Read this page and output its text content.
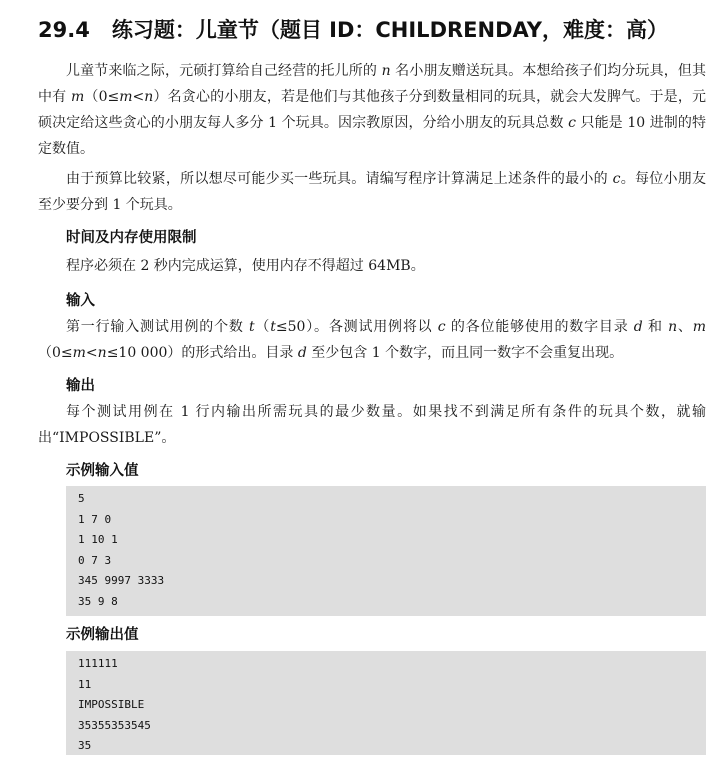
29.4 练习题：儿童节（题目 ID：CHILDRENDAY，难度：高）

儿童节来临之际，元硕打算给自己经营的托儿所的 n 名小朋友赠送玩具。本想给孩子们均分玩具，但其中有 m（0≤m<n）名贪心的小朋友，若是他们与其他孩子分到数量相同的玩具，就会大发脾气。于是，元硕决定给这些贪心的小朋友每人多分 1 个玩具。因宗教原因，分给小朋友的玩具总数 c 只能是 10 进制的特定数值。

由于预算比较紧，所以想尽可能少买一些玩具。请编写程序计算满足上述条件的最小的 c。每位小朋友至少要分到 1 个玩具。

时间及内存使用限制

程序必须在 2 秒内完成运算，使用内存不得超过 64MB。

输入

第一行输入测试用例的个数 t（t≤50）。各测试用例将以 c 的各位能够使用的数字目录 d 和 n、m（0≤m<n≤10 000）的形式给出。目录 d 至少包含 1 个数字，而且同一数字不会重复出现。

输出

每个测试用例在 1 行内输出所需玩具的最少数量。如果找不到满足所有条件的玩具个数，就输出“IMPOSSIBLE”。

示例输入值
5
1 7 0
1 10 1
0 7 3
345 9997 3333
35 9 8
示例输出值
111111
11
IMPOSSIBLE
35355353545
35
